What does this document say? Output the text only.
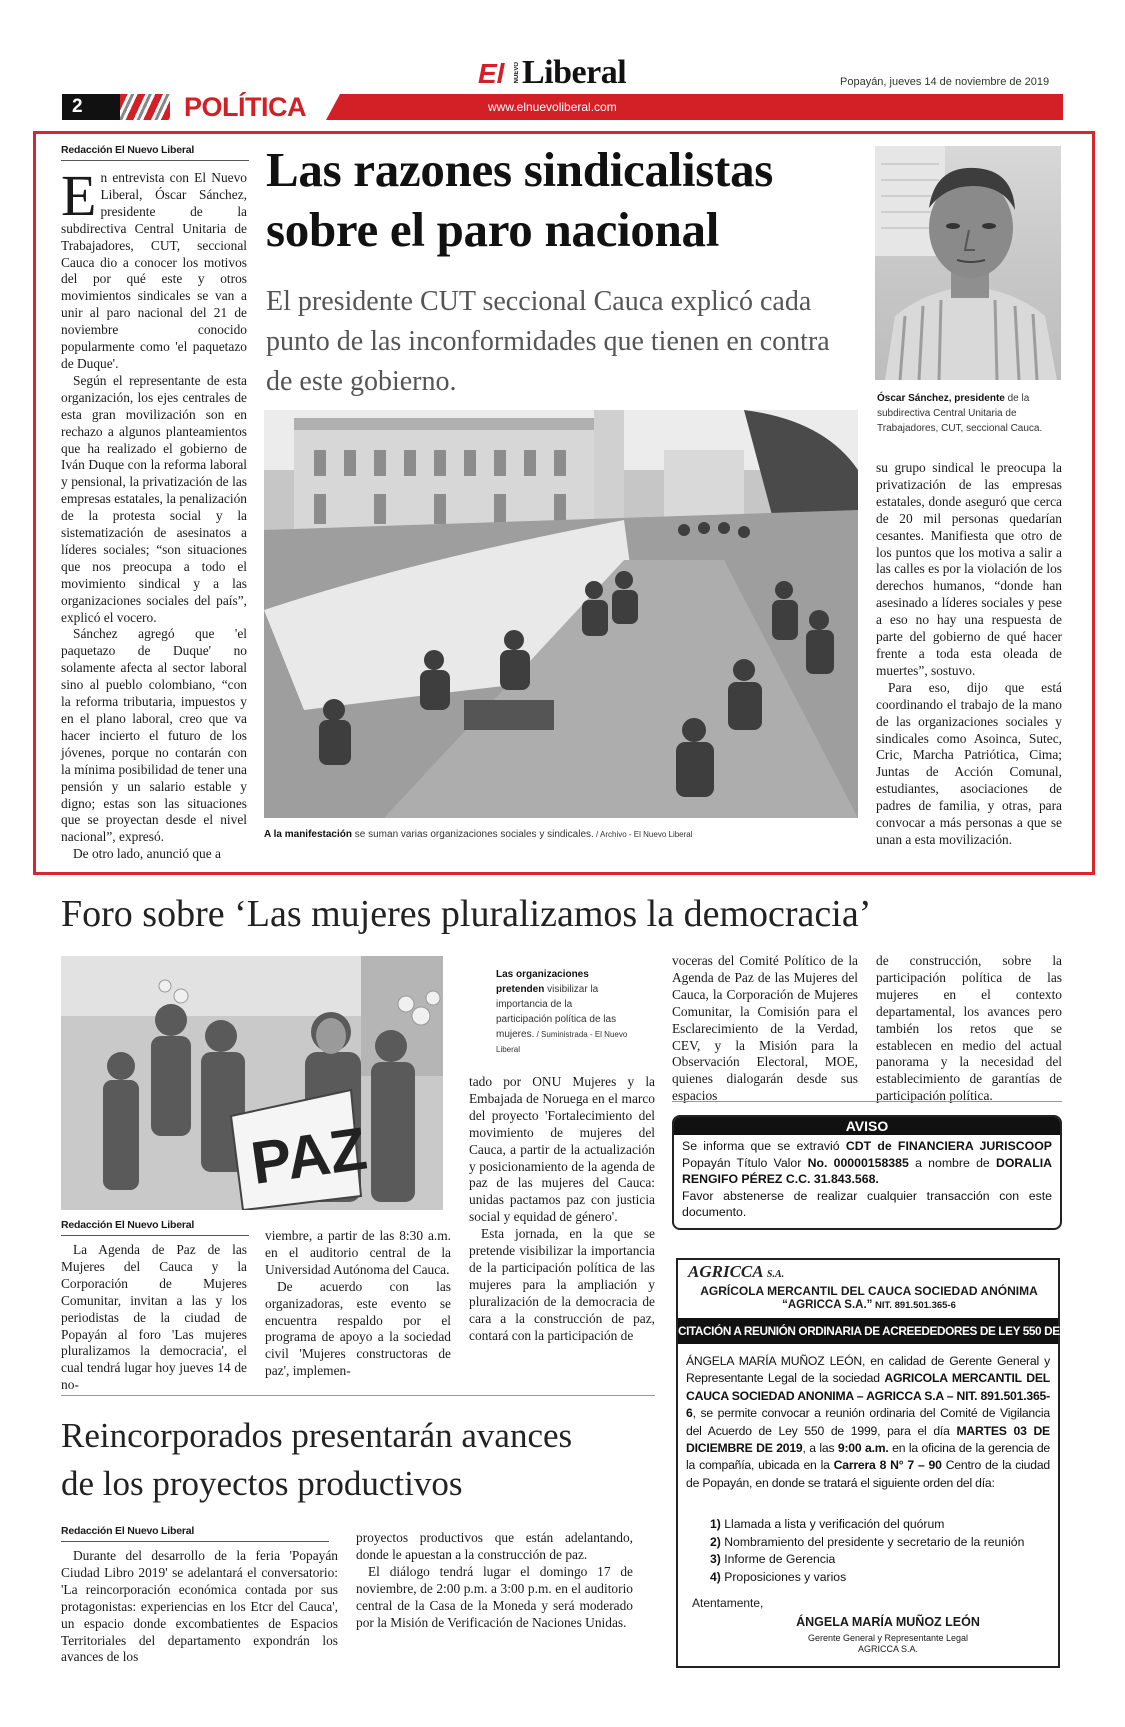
El NUEVO Liberal	Popayán, jueves 14 de noviembre de 2019
2	POLÍTICA	www.elnuevoliberal.com
Redacción El Nuevo Liberal
E n entrevista con El Nuevo Liberal, Óscar Sánchez, presidente de la subdirectiva Central Unitaria de Trabajadores, CUT, seccional Cauca dio a conocer los motivos del por qué este y otros movimientos sindicales se van a unir al paro nacional del 21 de noviembre conocido popularmente como 'el paquetazo de Duque'.

Según el representante de esta organización, los ejes centrales de esta gran movilización son en rechazo a algunos planteamientos que ha realizado el gobierno de Iván Duque con la reforma laboral y pensional, la privatización de las empresas estatales, la penalización de la protesta social y la sistematización de asesinatos a líderes sociales; “son situaciones que nos preocupa a todo el movimiento sindical y a las organizaciones sociales del país”, explicó el vocero.

Sánchez agregó que 'el paquetazo de Duque' no solamente afecta al sector laboral sino al pueblo colombiano, “con la reforma tributaria, impuestos y en el plano laboral, creo que va hacer incierto el futuro de los jóvenes, porque no contarán con la mínima posibilidad de tener una pensión y un salario estable y digno; estas son las situaciones que se proyectan desde el nivel nacional”, expresó.

De otro lado, anunció que a

Las razones sindicalistas
sobre el paro nacional
El presidente CUT seccional Cauca explicó cada punto de las inconformidades que tienen en contra de este gobierno.
Óscar Sánchez, presidente de la subdirectiva Central Unitaria de Trabajadores, CUT, seccional Cauca.
A la manifestación se suman varias organizaciones sociales y sindicales. / Archivo - El Nuevo Liberal

su grupo sindical le preocupa la privatización de las empresas estatales, donde aseguró que cerca de 20 mil personas quedarían cesantes. Manifiesta que otro de los puntos que los motiva a salir a las calles es por la violación de los derechos humanos, “donde han asesinado a líderes sociales y pese a eso no hay una respuesta de parte del gobierno de qué hacer frente a toda esta oleada de muertes”, sostuvo.

Para eso, dijo que está coordinando el trabajo de la mano de las organizaciones sociales y sindicales como Asoinca, Sutec, Cric, Marcha Patriótica, Cima; Juntas de Acción Comunal, estudiantes, asociaciones de padres de familia, y otras, para convocar a más personas a que se unan a esta movilización.

Foro sobre ‘Las mujeres pluralizamos la democracia’
PAZ
Las organizaciones pretenden visibilizar la importancia de la participación política de las mujeres. / Suministrada - El Nuevo Liberal
Redacción El Nuevo Liberal

La Agenda de Paz de las Mujeres del Cauca y la Corporación de Mujeres Comunitar, invitan a las y los periodistas de la ciudad de Popayán al foro 'Las mujeres pluralizamos la democracia', el cual tendrá lugar hoy jueves 14 de no-

viembre, a partir de las 8:30 a.m. en el auditorio central de la Universidad Autónoma del Cauca.

De acuerdo con las organizadoras, este evento se encuentra respaldo por el programa de apoyo a la sociedad civil 'Mujeres constructoras de paz', implemen-

tado por ONU Mujeres y la Embajada de Noruega en el marco del proyecto 'Fortalecimiento del movimiento de mujeres del Cauca, a partir de la actualización y posicionamiento de la agenda de paz de las mujeres del Cauca: unidas pactamos paz con justicia social y equidad de género'.

Esta jornada, en la que se pretende visibilizar la importancia de la participación política de las mujeres para la ampliación y pluralización de la democracia de cara a la construcción de paz, contará con la participación de

voceras del Comité Político de la Agenda de Paz de las Mujeres del Cauca, la Corporación de Mujeres Comunitar, la Comisión para el Esclarecimiento de la Verdad, CEV, y la Misión para la Observación Electoral, MOE, quienes dialogarán desde sus espacios

de construcción, sobre la participación política de las mujeres en el contexto departamental, los avances pero también los retos que se establecen en medio del actual panorama y la necesidad del establecimiento de garantías de participación política.

AVISO
Se informa que se extravió CDT de FINANCIERA JURISCOOP Popayán Título Valor No. 00000158385 a nombre de DORALIA RENGIFO PÉREZ C.C. 31.843.568.
Favor abstenerse de realizar cualquier transacción con este documento.
AGRICCA S.A.
AGRÍCOLA MERCANTIL DEL CAUCA SOCIEDAD ANÓNIMA
“AGRICCA S.A.” NIT. 891.501.365-6
CITACIÓN A REUNIÓN ORDINARIA DE ACREEDEDORES DE LEY 550 DE 1999
ÁNGELA MARÍA MUÑOZ LEÓN, en calidad de Gerente General y Representante Legal de la sociedad AGRICOLA MERCANTIL DEL CAUCA SOCIEDAD ANONIMA – AGRICCA S.A – NIT. 891.501.365-6, se permite convocar a reunión ordinaria del Comité de Vigilancia del Acuerdo de Ley 550 de 1999, para el día MARTES 03 DE DICIEMBRE DE 2019, a las 9:00 a.m. en la oficina de la gerencia de la compañía, ubicada en la Carrera 8 N° 7 – 90 Centro de la ciudad de Popayán, en donde se tratará el siguiente orden del día:
1) Llamada a lista y verificación del quórum
2) Nombramiento del presidente y secretario de la reunión
3) Informe de Gerencia
4) Proposiciones y varios
Atentamente,
ÁNGELA MARÍA MUÑOZ LEÓN
Gerente General y Representante Legal
AGRICCA S.A.
Reincorporados presentarán avances
de los proyectos productivos
Redacción El Nuevo Liberal

Durante del desarrollo de la feria 'Popayán Ciudad Libro 2019' se adelantará el conversatorio: 'La reincorporación económica contada por sus protagonistas: experiencias en los Etcr del Cauca', un espacio donde excombatientes de Espacios Territoriales del departamento expondrán los avances de los

proyectos productivos que están adelantando, donde le apuestan a la construcción de paz.

El diálogo tendrá lugar el domingo 17 de noviembre, de 2:00 p.m. a 3:00 p.m. en el auditorio central de la Casa de la Moneda y será moderado por la Misión de Verificación de Naciones Unidas.
